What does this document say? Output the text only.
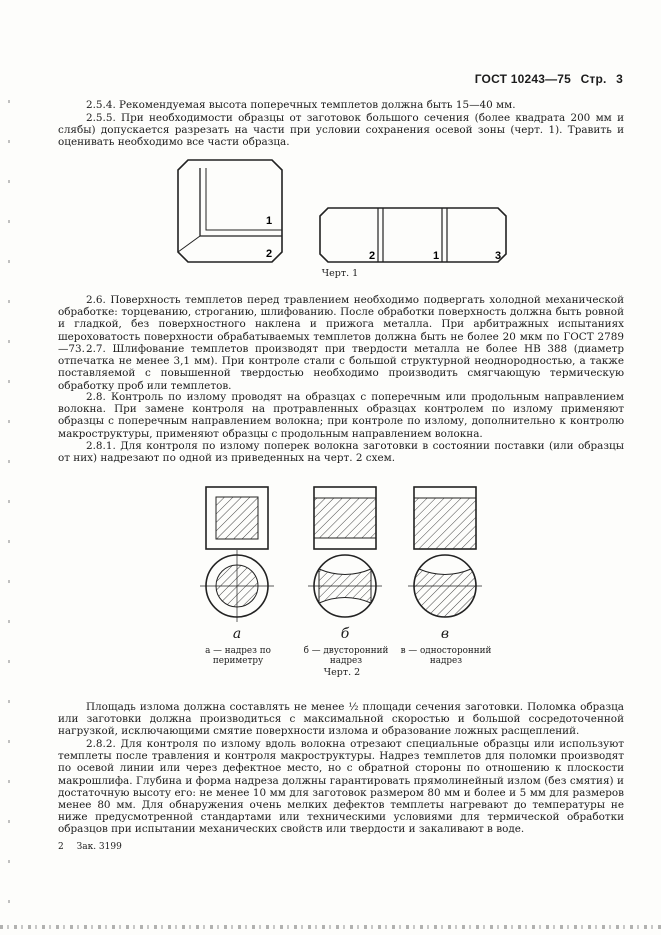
ГОСТ 10243—75 Стр. 3

2.5.4. Рекомендуемая высота поперечных темплетов должна быть 15—40 мм.

2.5.5. При необходимости образцы от заготовок большого сечения (более квадрата 200 мм и слябы) допускается разрезать на части при условии сохранения осевой зоны (черт. 1). Травить и оценивать необходимо все части образца.

1
2	2	1	3
Черт. 1

2.6. Поверхность темплетов перед травлением необходимо подвергать холодной механической обработке: торцеванию, строганию, шлифованию. После обработки поверхность должна быть ровной и гладкой, без поверхностного наклена и прижога металла. При арбитражных испытаниях шероховатость поверхности обрабатываемых темплетов должна быть не более 20 мкм по ГОСТ 2789—73. 2.7. Шлифование темплетов производят при твердости металла не более HB 388 (диаметр отпечатка не менее 3,1 мм). При контроле стали с большой структурной неоднородностью, а также поставляемой с повышенной твердостью необходимо производить смягчающую термическую обработку проб или темплетов.

2.8. Контроль по излому проводят на образцах с поперечным или продольным направлением волокна. При замене контроля на протравленных образцах контролем по излому применяют образцы с поперечным направлением волокна; при контроле по излому, дополнительно к контролю макроструктуры, применяют образцы с продольным направлением волокна.

2.8.1. Для контроля по излому поперек волокна заготовки в состоянии поставки (или образцы от них) надрезают по одной из приведенных на черт. 2 схем.

а	б	в
а — надрез по периметру
б — двусторонний надрез
в — односторонний надрез
Черт. 2

Площадь излома должна составлять не менее ½ площади сечения заготовки. Поломка образца или заготовки должна производиться с максимальной скоростью и большой сосредоточенной нагрузкой, исключающими смятие поверхности излома и образование ложных расщеплений.

2.8.2. Для контроля по излому вдоль волокна отрезают специальные образцы или используют темплеты после травления и контроля макроструктуры. Надрез темплетов для поломки производят по осевой линии или через дефектное место, но с обратной стороны по отношению к плоскости макрошлифа. Глубина и форма надреза должны гарантировать прямолинейный излом (без смятия) и достаточную высоту его: не менее 10 мм для заготовок размером 80 мм и более и 5 мм для размеров менее 80 мм. Для обнаружения очень мелких дефектов темплеты нагревают до температуры не ниже предусмотренной стандартами или техническими условиями для термической обработки образцов при испытании механических свойств или твердости и закаливают в воде.

2 Зак. 3199
